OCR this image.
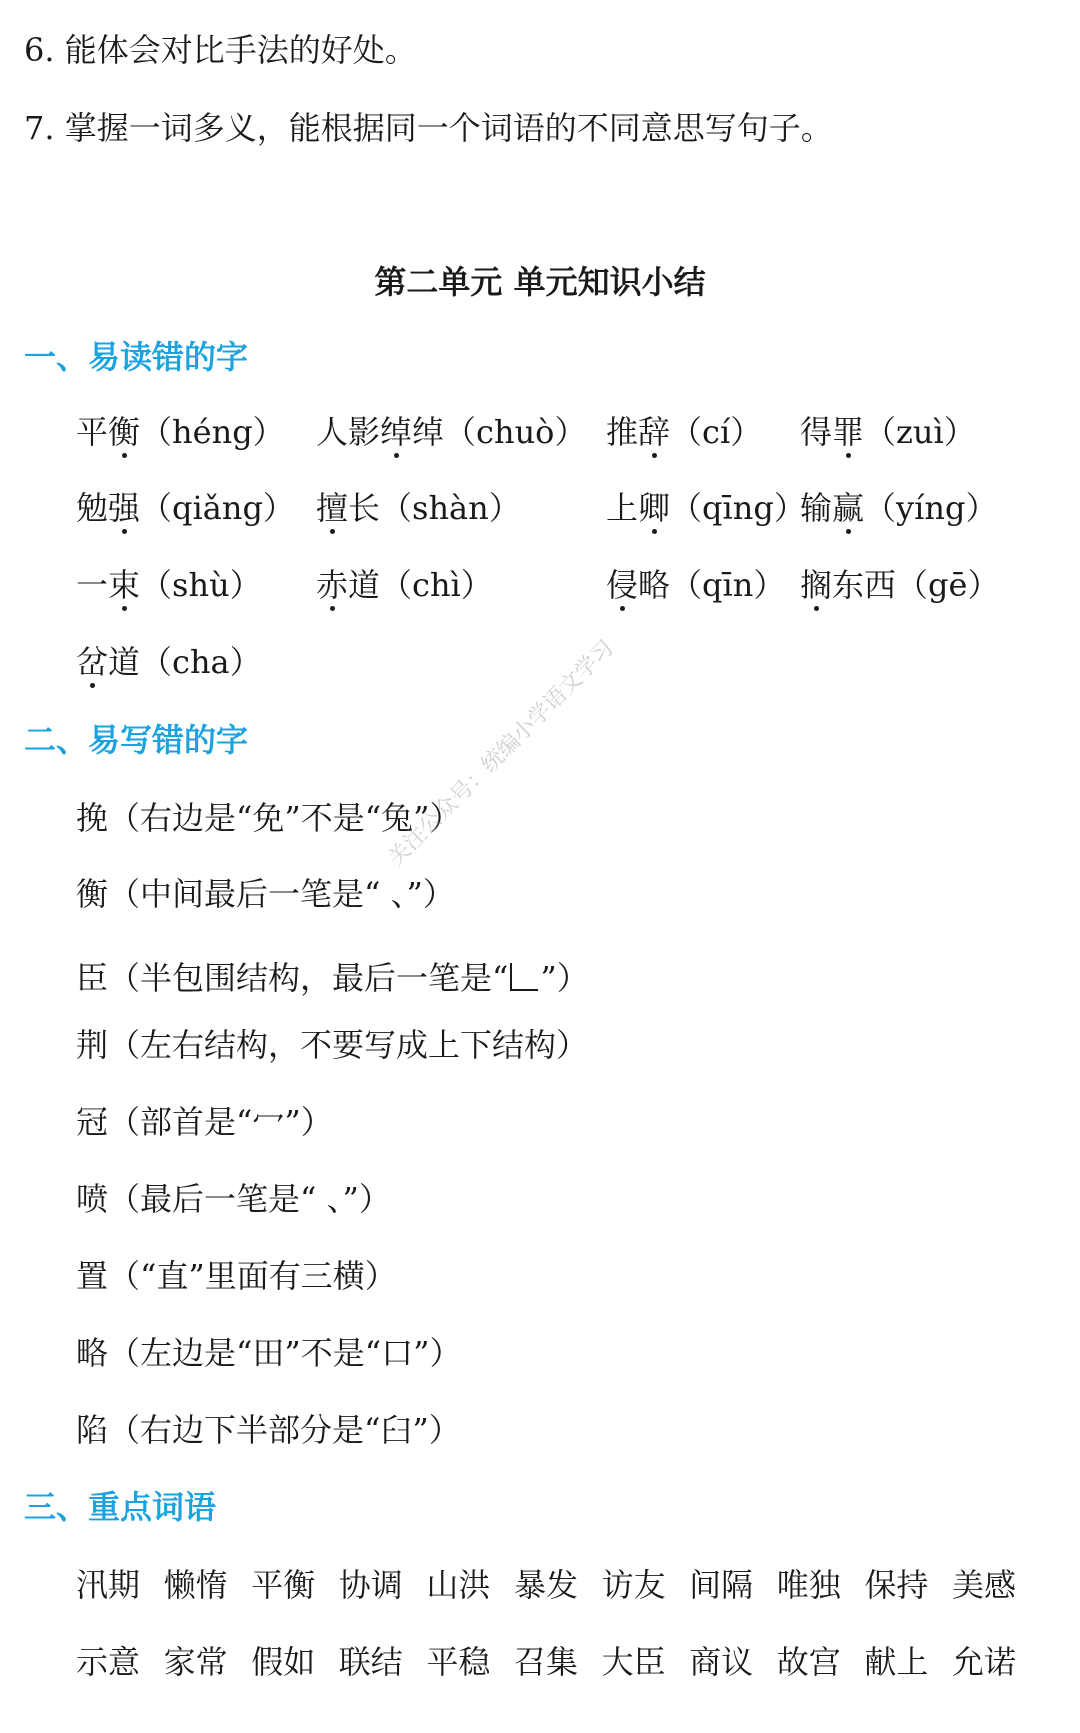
6. 能体会对比手法的好处。
7. 掌握一词多义，能根据同一个词语的不同意思写句子。
第二单元 单元知识小结
一、易读错的字
平衡（héng） 人影绰绰（chuò） 推辞（cí） 得罪（zuì）
勉强（qiǎng） 擅长（shàn）	上卿（qīng）
输赢（yíng）
一束（shù） 赤道（chì）	侵略（qīn） 搁东西（gē）
岔道（cha）
二、易写错的字
挽（右边是“免”不是“兔”）
衡（中间最后一笔是“ 、”）
臣（半包围结构，最后一笔是“ ”）
荆（左右结构，不要写成上下结构）
冠（部首是“冖”）
喷（最后一笔是“ 、”）
置（“直”里面有三横）
略（左边是“田”不是“口”）
陷（右边下半部分是“臼”）
三、重点词语
汛期 懒惰 平衡 协调 山洪 暴发 访友 间隔 唯独 保持 美感
示意 家常 假如 联结 平稳 召集 大臣 商议 故宫 献上 允诺
关注公众号：统编小学语文学习
